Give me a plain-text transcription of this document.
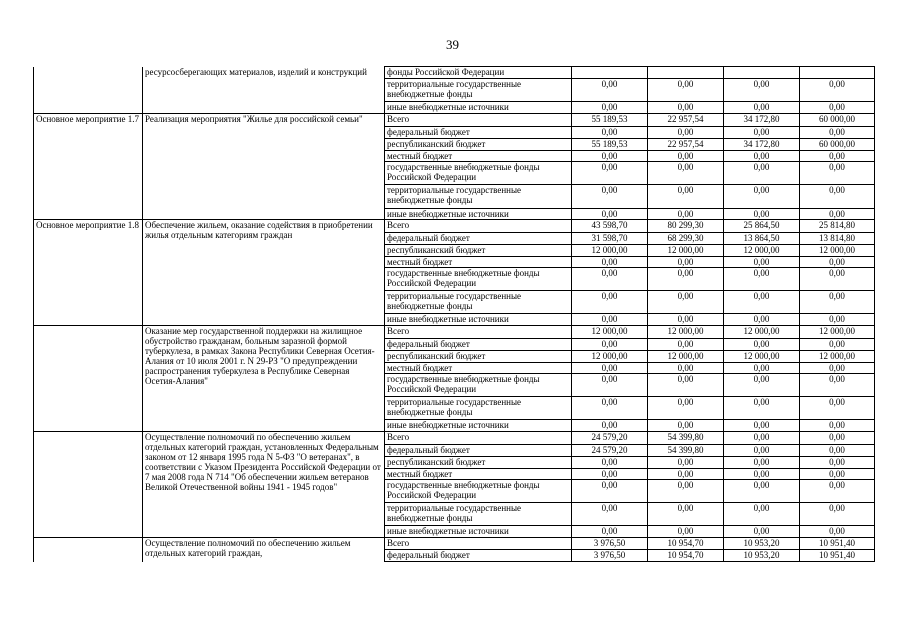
39
	ресурсосберегающих материалов, изделий и конструкций	фонды Российской Федерации				
		территориальные государственные внебюджетные фонды	0,00	0,00	0,00	0,00
		иные внебюджетные источники	0,00	0,00	0,00	0,00
Основное мероприятие 1.7	Реализация мероприятия "Жилье для российской семьи"	Всего	55 189,53	22 957,54	34 172,80	60 000,00
		федеральный бюджет	0,00	0,00	0,00	0,00
		республиканский бюджет	55 189,53	22 957,54	34 172,80	60 000,00
		местный бюджет	0,00	0,00	0,00	0,00
		государственные внебюджетные фонды Российской Федерации	0,00	0,00	0,00	0,00
		территориальные государственные внебюджетные фонды	0,00	0,00	0,00	0,00
		иные внебюджетные источники	0,00	0,00	0,00	0,00
Основное мероприятие 1.8	Обеспечение жильем, оказание содействия в приобретении жилья отдельным категориям граждан	Всего	43 598,70	80 299,30	25 864,50	25 814,80
		федеральный бюджет	31 598,70	68 299,30	13 864,50	13 814,80
		республиканский бюджет	12 000,00	12 000,00	12 000,00	12 000,00
		местный бюджет	0,00	0,00	0,00	0,00
		государственные внебюджетные фонды Российской Федерации	0,00	0,00	0,00	0,00
		территориальные государственные внебюджетные фонды	0,00	0,00	0,00	0,00
		иные внебюджетные источники	0,00	0,00	0,00	0,00
	Оказание мер государственной поддержки на жилищное обустройство гражданам, больным заразной формой туберкулеза, в рамках Закона Республики Северная Осетия-Алания от 10 июля 2001 г. N 29-РЗ "О предупреждении распространения туберкулеза в Республике Северная Осетия-Алания"	Всего	12 000,00	12 000,00	12 000,00	12 000,00
		федеральный бюджет	0,00	0,00	0,00	0,00
		республиканский бюджет	12 000,00	12 000,00	12 000,00	12 000,00
		местный бюджет	0,00	0,00	0,00	0,00
		государственные внебюджетные фонды Российской Федерации	0,00	0,00	0,00	0,00
		территориальные государственные внебюджетные фонды	0,00	0,00	0,00	0,00
		иные внебюджетные источники	0,00	0,00	0,00	0,00
	Осуществление полномочий по обеспечению жильем отдельных категорий граждан, установленных Федеральным законом от 12 января 1995 года N 5-ФЗ "О ветеранах", в соответствии с Указом Президента Российской Федерации от 7 мая 2008 года N 714 "Об обеспечении жильем ветеранов Великой Отечественной войны 1941 - 1945 годов"	Всего	24 579,20	54 399,80	0,00	0,00
		федеральный бюджет	24 579,20	54 399,80	0,00	0,00
		республиканский бюджет	0,00	0,00	0,00	0,00
		местный бюджет	0,00	0,00	0,00	0,00
		государственные внебюджетные фонды Российской Федерации	0,00	0,00	0,00	0,00
		территориальные государственные внебюджетные фонды	0,00	0,00	0,00	0,00
		иные внебюджетные источники	0,00	0,00	0,00	0,00
	Осуществление полномочий по обеспечению жильем отдельных категорий граждан,	Всего	3 976,50	10 954,70	10 953,20	10 951,40
		федеральный бюджет	3 976,50	10 954,70	10 953,20	10 951,40
